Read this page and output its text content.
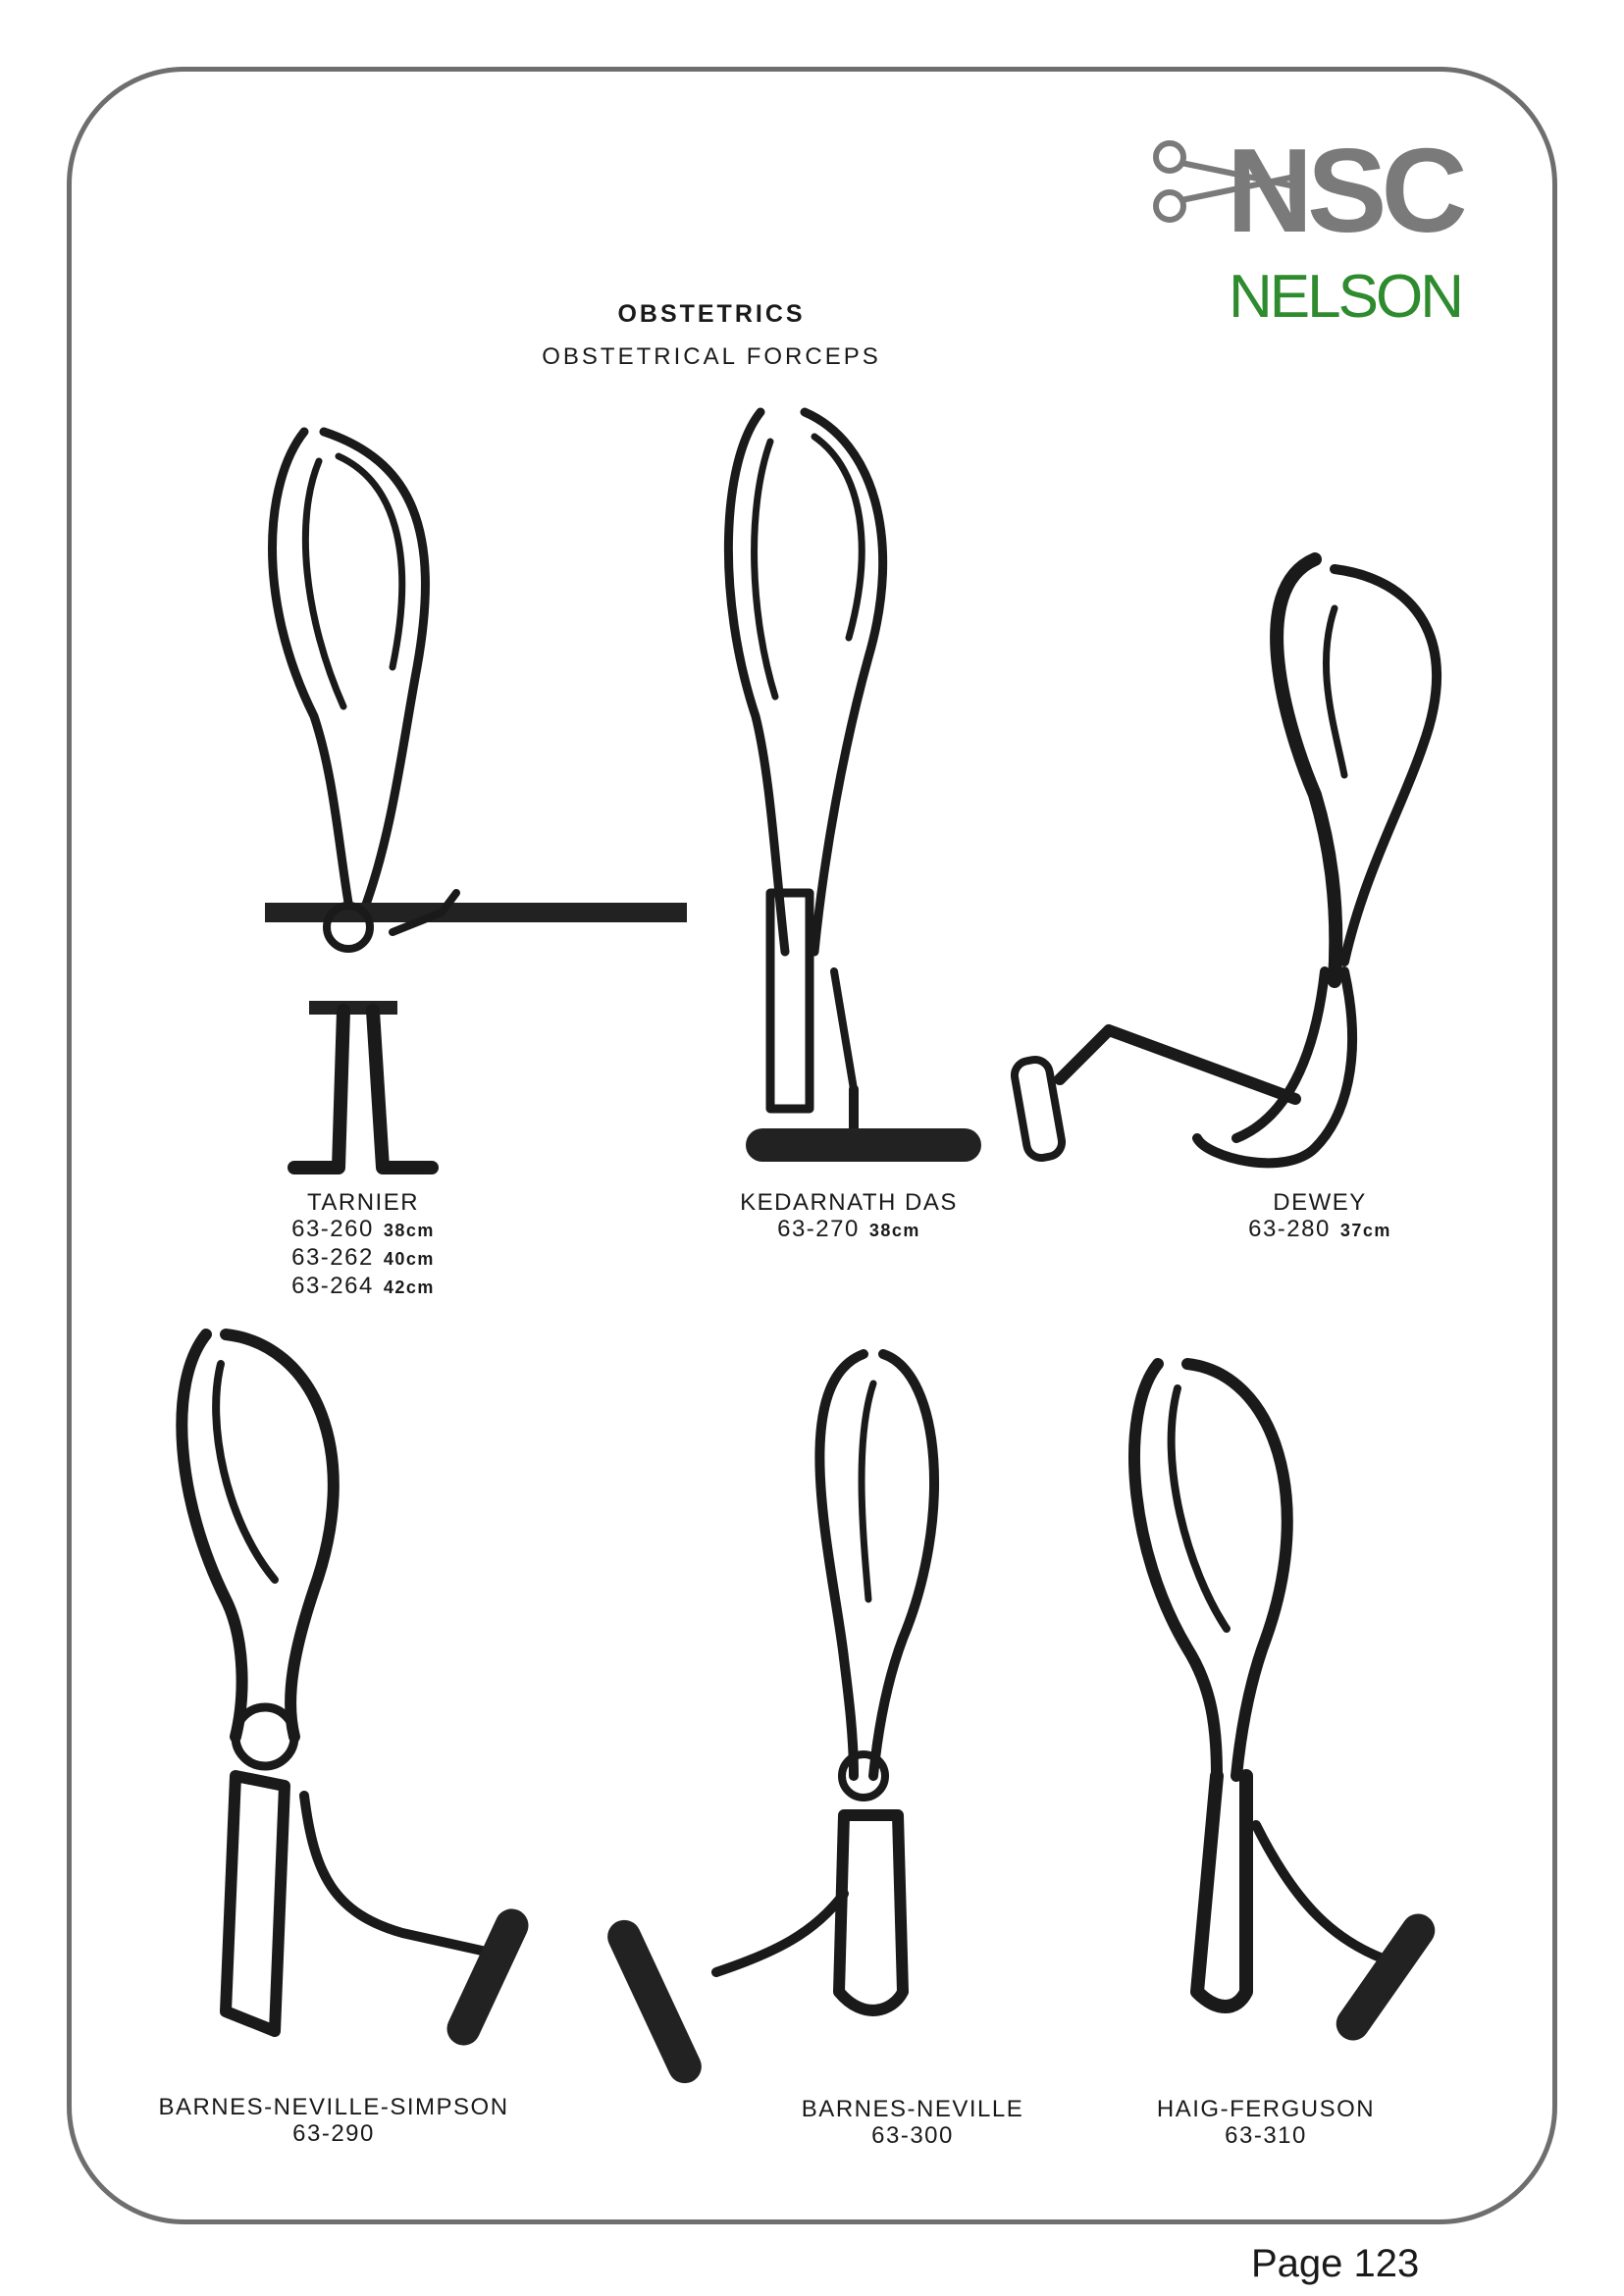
NSC
NELSON
OBSTETRICS
OBSTETRICAL FORCEPS
TARNIER
63-260 38cm
63-262 40cm
63-264 42cm
KEDARNATH DAS
63-270 38cm
DEWEY
63-280 37cm
BARNES-NEVILLE-SIMPSON
63-290
BARNES-NEVILLE
63-300
HAIG-FERGUSON
63-310
Page 123
